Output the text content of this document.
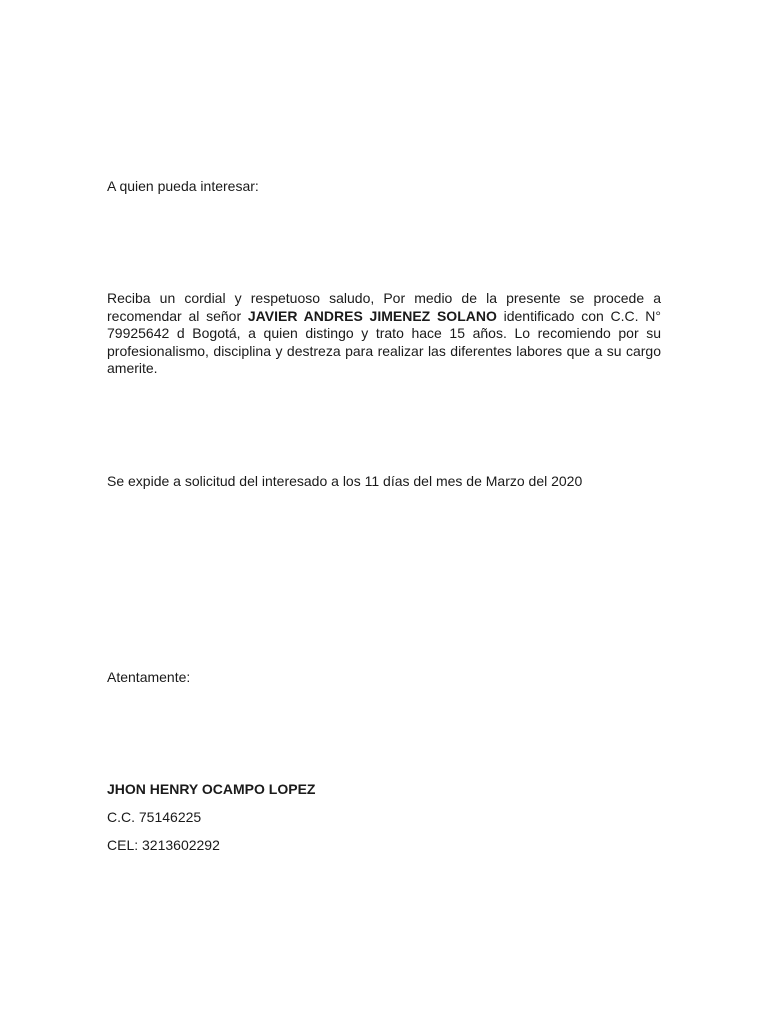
A quien pueda interesar:

Reciba un cordial y respetuoso saludo, Por medio de la presente se procede a recomendar al señor JAVIER ANDRES JIMENEZ SOLANO identificado con C.C. N° 79925642 d Bogotá, a quien distingo y trato hace 15 años. Lo recomiendo por su profesionalismo, disciplina y destreza para realizar las diferentes labores que a su cargo amerite.

Se expide a solicitud del interesado a los 11 días del mes de Marzo del 2020

Atentamente:

JHON HENRY OCAMPO LOPEZ

C.C. 75146225

CEL: 3213602292
